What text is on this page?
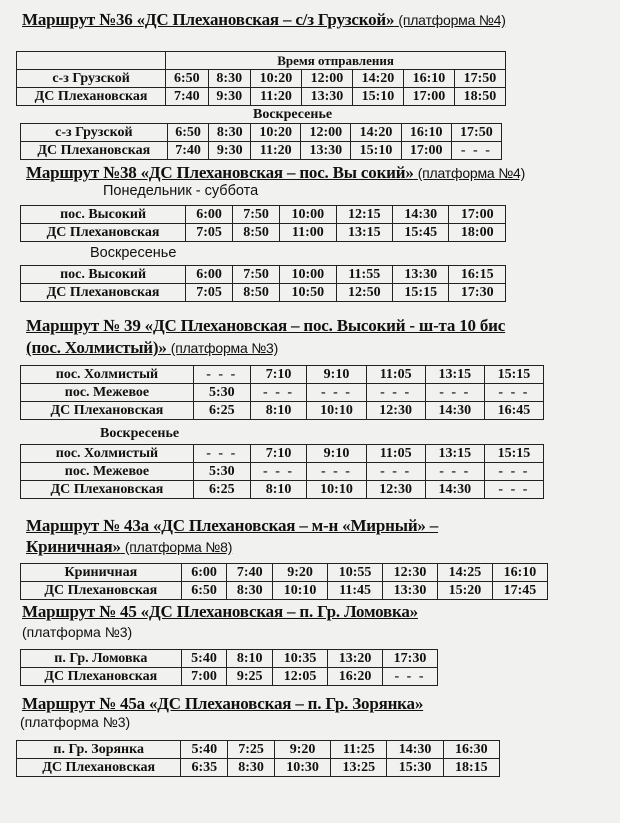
Маршрут №36 «ДС Плехановская – с/з Грузской» (платформа №4)
	Время отправления						
с-з Грузской	6:50	8:30	10:20	12:00	14:20	16:10	17:50
ДС Плехановская	7:40	9:30	11:20	13:30	15:10	17:00	18:50
Воскресенье
с-з Грузской	6:50	8:30	10:20	12:00	14:20	16:10	17:50
ДС Плехановская	7:40	9:30	11:20	13:30	15:10	17:00	- - -
Маршрут №38 «ДС Плехановская – пос. Вы сокий» (платформа №4)
Понедельник - суббота
пос. Высокий	6:00	7:50	10:00	12:15	14:30	17:00
ДС Плехановская	7:05	8:50	11:00	13:15	15:45	18:00
Воскресенье
пос. Высокий	6:00	7:50	10:00	11:55	13:30	16:15
ДС Плехановская	7:05	8:50	10:50	12:50	15:15	17:30
Маршрут № 39 «ДС Плехановская – пос. Высокий - ш-та 10 бис
(пос. Холмистый)» (платформа №3)
пос. Холмистый	- - -	7:10	9:10	11:05	13:15	15:15
пос. Межевое	5:30	- - -	- - -	- - -	- - -	- - -
ДС Плехановская	6:25	8:10	10:10	12:30	14:30	16:45
Воскресенье
пос. Холмистый	- - -	7:10	9:10	11:05	13:15	15:15
пос. Межевое	5:30	- - -	- - -	- - -	- - -	- - -
ДС Плехановская	6:25	8:10	10:10	12:30	14:30	- - -
Маршрут № 43а «ДС Плехановская – м-н «Мирный» –
Криничная» (платформа №8)
Криничная	6:00	7:40	9:20	10:55	12:30	14:25	16:10
ДС Плехановская	6:50	8:30	10:10	11:45	13:30	15:20	17:45
Маршрут № 45 «ДС Плехановская – п. Гр. Ломовка»
(платформа №3)
п. Гр. Ломовка	5:40	8:10	10:35	13:20	17:30
ДС Плехановская	7:00	9:25	12:05	16:20	- - -
Маршрут № 45а «ДС Плехановская – п. Гр. Зорянка»
(платформа №3)
п. Гр. Зорянка	5:40	7:25	9:20	11:25	14:30	16:30
ДС Плехановская	6:35	8:30	10:30	13:25	15:30	18:15
